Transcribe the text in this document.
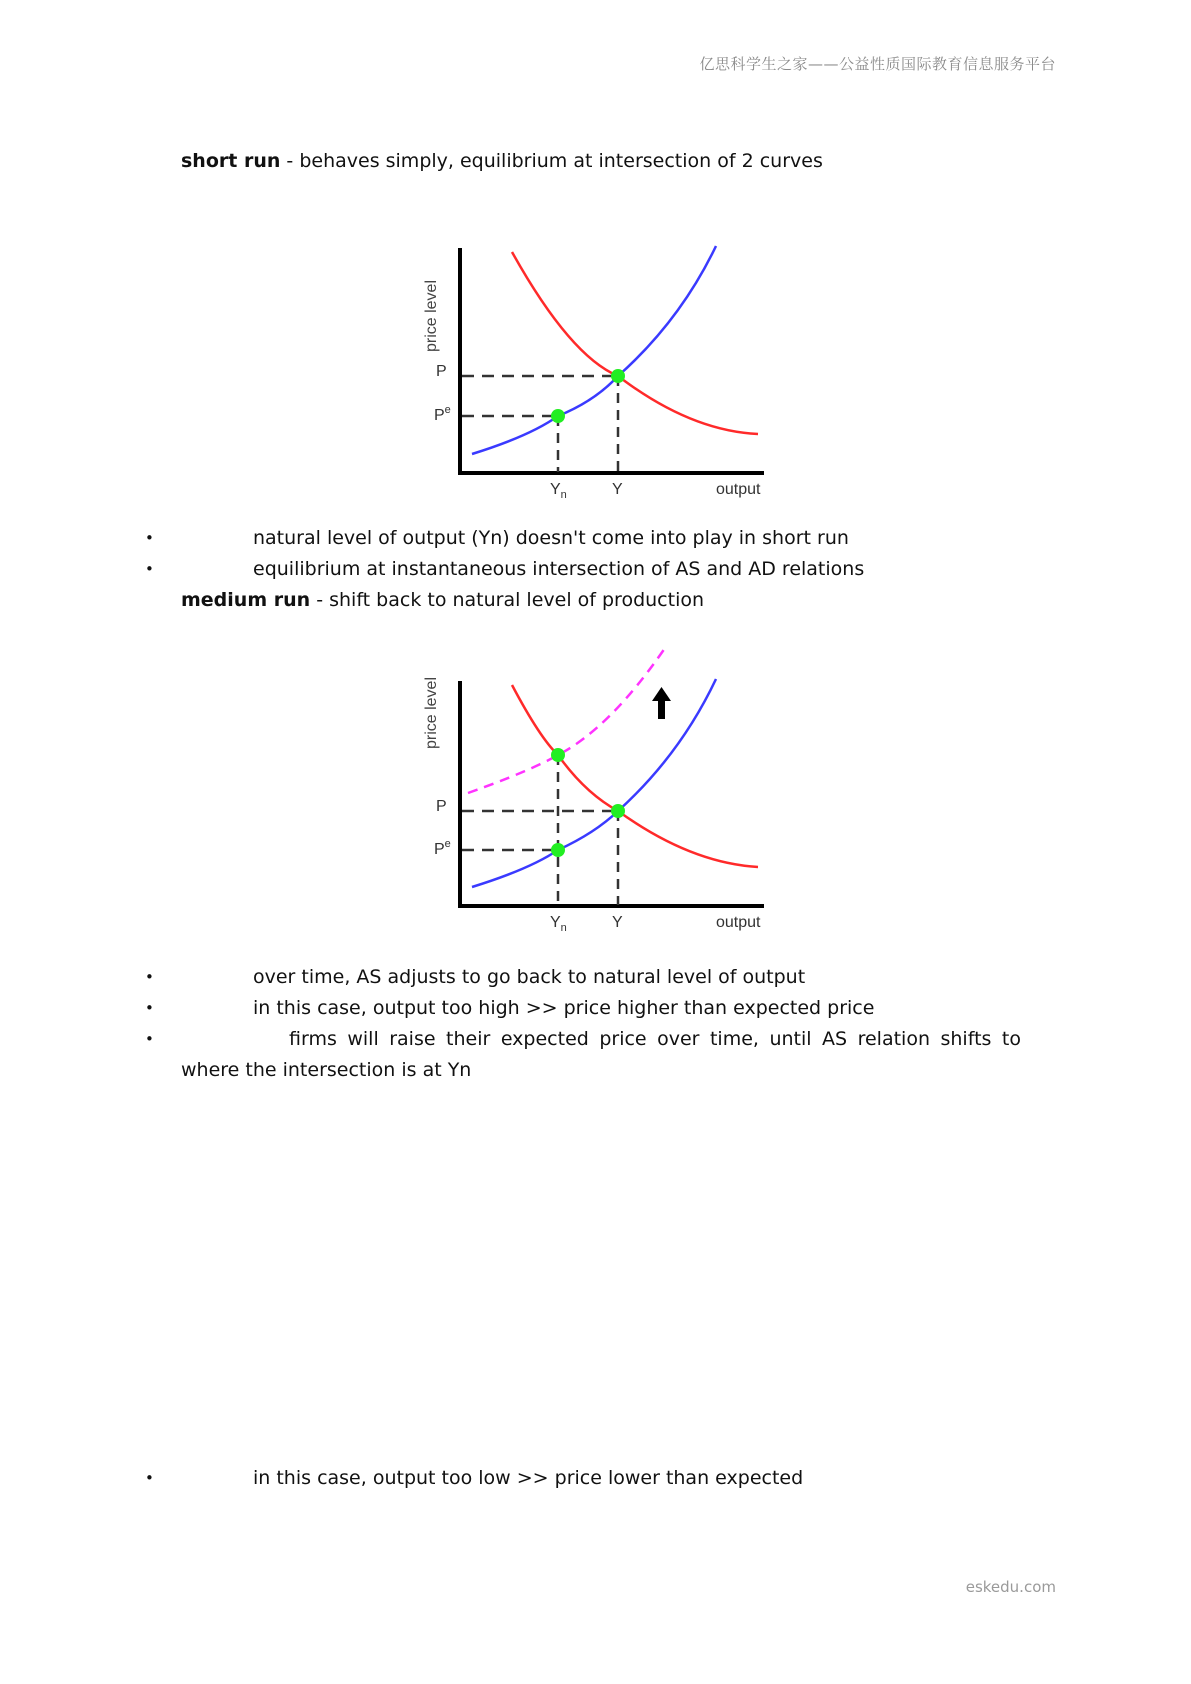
亿思科学生之家——公益性质国际教育信息服务平台
short run - behaves simply, equilibrium at intersection of 2 curves
price level
P
$P^e$
$Y_n$	Y	output
•	natural level of output (Yn) doesn't come into play in short run
•	equilibrium at instantaneous intersection of AS and AD relations
medium run - shift back to natural level of production
price level
P
$P^e$
$Y_n$	Y	output
•	over time, AS adjusts to go back to natural level of output
•	in this case, output too high >> price higher than expected price
•	firms will raise their expected price over time, until AS relation shifts to where the intersection is at Yn
•	in this case, output too low >> price lower than expected
eskedu.com
